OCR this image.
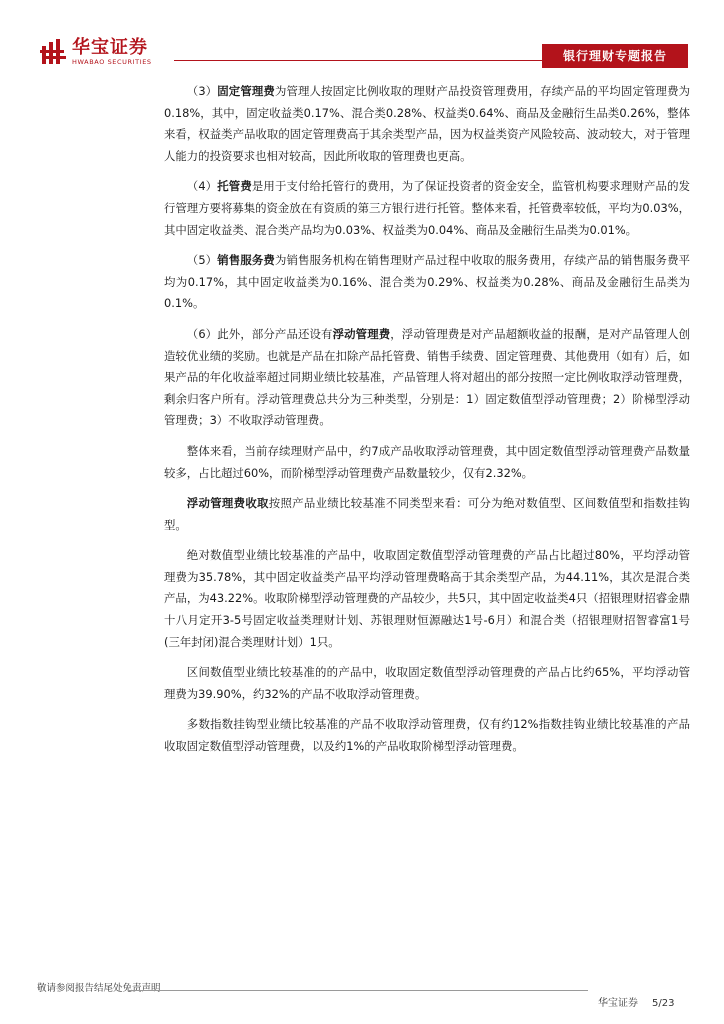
华宝证券
HWABAO SECURITIES	银行理财专题报告

（3）固定管理费为管理人按固定比例收取的理财产品投资管理费用，存续产品的平均固定管理费为0.18%，其中，固定收益类0.17%、混合类0.28%、权益类0.64%、商品及金融衍生品类0.26%，整体来看，权益类产品收取的固定管理费高于其余类型产品，因为权益类资产风险较高、波动较大，对于管理人能力的投资要求也相对较高，因此所收取的管理费也更高。

（4）托管费是用于支付给托管行的费用，为了保证投资者的资金安全，监管机构要求理财产品的发行管理方要将募集的资金放在有资质的第三方银行进行托管。整体来看，托管费率较低，平均为0.03%，其中固定收益类、混合类产品均为0.03%、权益类为0.04%、商品及金融衍生品类为0.01%。

（5）销售服务费为销售服务机构在销售理财产品过程中收取的服务费用，存续产品的销售服务费平均为0.17%，其中固定收益类为0.16%、混合类为0.29%、权益类为0.28%、商品及金融衍生品类为0.1%。

（6）此外，部分产品还设有浮动管理费，浮动管理费是对产品超额收益的报酬，是对产品管理人创造较优业绩的奖励。也就是产品在扣除产品托管费、销售手续费、固定管理费、其他费用（如有）后，如果产品的年化收益率超过同期业绩比较基准，产品管理人将对超出的部分按照一定比例收取浮动管理费，剩余归客户所有。浮动管理费总共分为三种类型，分别是：1）固定数值型浮动管理费；2）阶梯型浮动管理费；3）不收取浮动管理费。

整体来看，当前存续理财产品中，约7成产品收取浮动管理费，其中固定数值型浮动管理费产品数量较多，占比超过60%，而阶梯型浮动管理费产品数量较少，仅有2.32%。

浮动管理费收取按照产品业绩比较基准不同类型来看：可分为绝对数值型、区间数值型和指数挂钩型。

绝对数值型业绩比较基准的产品中，收取固定数值型浮动管理费的产品占比超过80%，平均浮动管理费为35.78%，其中固定收益类产品平均浮动管理费略高于其余类型产品，为44.11%，其次是混合类产品，为43.22%。收取阶梯型浮动管理费的产品较少，共5只，其中固定收益类4只（招银理财招睿金鼎十八月定开3-5号固定收益类理财计划、苏银理财恒源融达1号-6月）和混合类（招银理财招智睿富1号(三年封闭)混合类理财计划）1只。

区间数值型业绩比较基准的的产品中，收取固定数值型浮动管理费的产品占比约65%，平均浮动管理费为39.90%，约32%的产品不收取浮动管理费。

多数指数挂钩型业绩比较基准的产品不收取浮动管理费，仅有约12%指数挂钩业绩比较基准的产品收取固定数值型浮动管理费，以及约1%的产品收取阶梯型浮动管理费。

敬请参阅报告结尾处免责声明
华宝证券 5/23
